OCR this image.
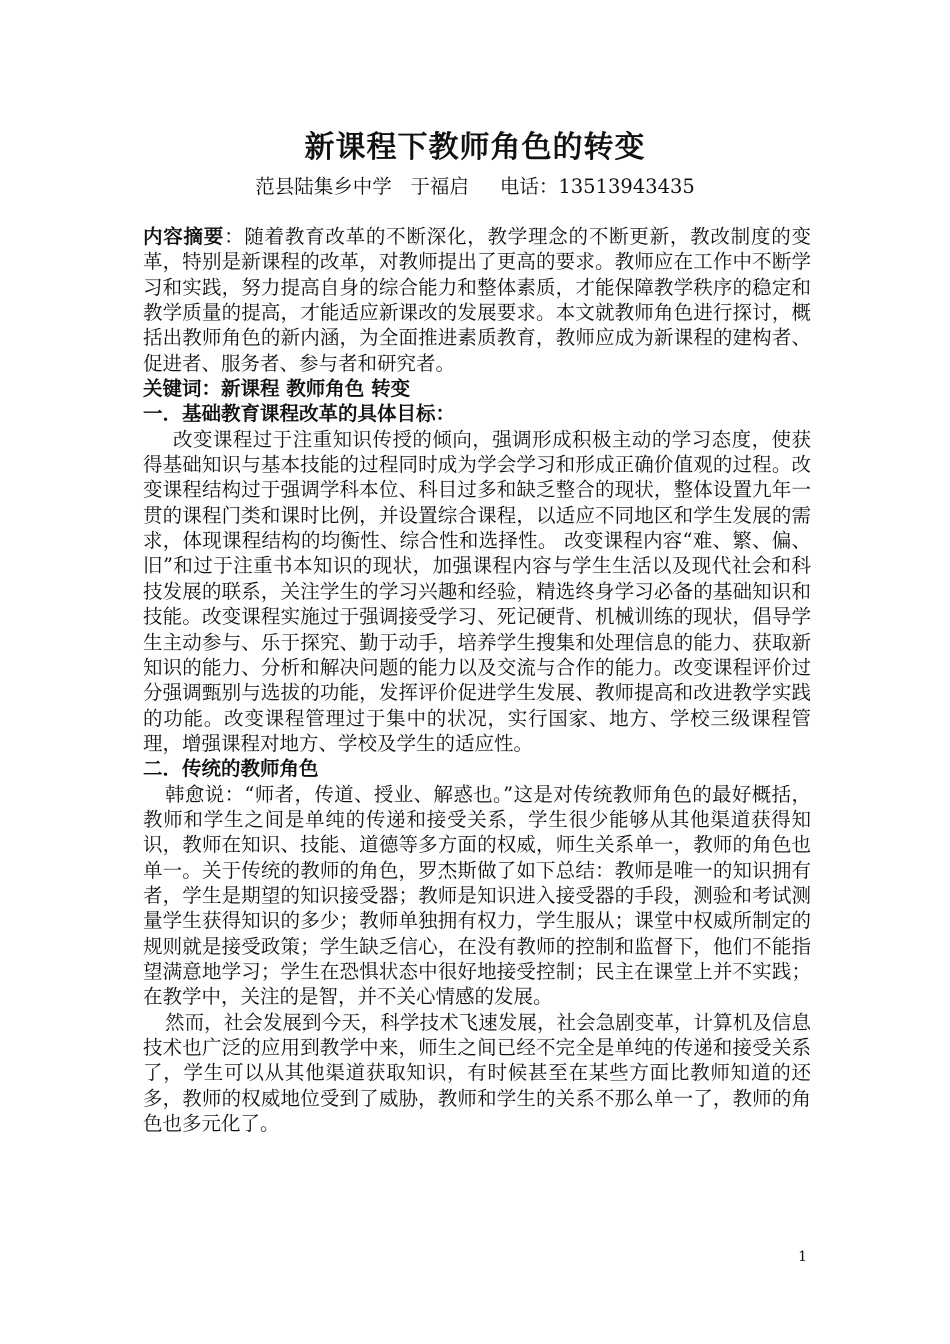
新课程下教师角色的转变
范县陆集乡中学 于福启 电话：13513943435

内容摘要：随着教育改革的不断深化，教学理念的不断更新，教改制度的变革，特别是新课程的改革，对教师提出了更高的要求。教师应在工作中不断学习和实践，努力提高自身的综合能力和整体素质，才能保障教学秩序的稳定和教学质量的提高，才能适应新课改的发展要求。本文就教师角色进行探讨，概括出教师角色的新内涵，为全面推进素质教育，教师应成为新课程的建构者、促进者、服务者、参与者和研究者。

关键词：新课程 教师角色 转变

一．基础教育课程改革的具体目标：

改变课程过于注重知识传授的倾向，强调形成积极主动的学习态度，使获得基础知识与基本技能的过程同时成为学会学习和形成正确价值观的过程。改变课程结构过于强调学科本位、科目过多和缺乏整合的现状，整体设置九年一贯的课程门类和课时比例，并设置综合课程，以适应不同地区和学生发展的需求，体现课程结构的均衡性、综合性和选择性。 改变课程内容“难、繁、偏、旧”和过于注重书本知识的现状，加强课程内容与学生生活以及现代社会和科技发展的联系，关注学生的学习兴趣和经验，精选终身学习必备的基础知识和技能。改变课程实施过于强调接受学习、死记硬背、机械训练的现状，倡导学生主动参与、乐于探究、勤于动手，培养学生搜集和处理信息的能力、获取新知识的能力、分析和解决问题的能力以及交流与合作的能力。改变课程评价过分强调甄别与选拔的功能，发挥评价促进学生发展、教师提高和改进教学实践的功能。改变课程管理过于集中的状况，实行国家、地方、学校三级课程管理，增强课程对地方、学校及学生的适应性。

二．传统的教师角色

韩愈说：“师者，传道、授业、解惑也。”这是对传统教师角色的最好概括，教师和学生之间是单纯的传递和接受关系，学生很少能够从其他渠道获得知识，教师在知识、技能、道德等多方面的权威，师生关系单一，教师的角色也单一。关于传统的教师的角色，罗杰斯做了如下总结：教师是唯一的知识拥有者，学生是期望的知识接受器；教师是知识进入接受器的手段，测验和考试测量学生获得知识的多少；教师单独拥有权力，学生服从；课堂中权威所制定的规则就是接受政策；学生缺乏信心，在没有教师的控制和监督下，他们不能指望满意地学习；学生在恐惧状态中很好地接受控制；民主在课堂上并不实践；在教学中，关注的是智，并不关心情感的发展。

然而，社会发展到今天，科学技术飞速发展，社会急剧变革，计算机及信息技术也广泛的应用到教学中来，师生之间已经不完全是单纯的传递和接受关系了，学生可以从其他渠道获取知识，有时候甚至在某些方面比教师知道的还多，教师的权威地位受到了威胁，教师和学生的关系不那么单一了，教师的角色也多元化了。

1
